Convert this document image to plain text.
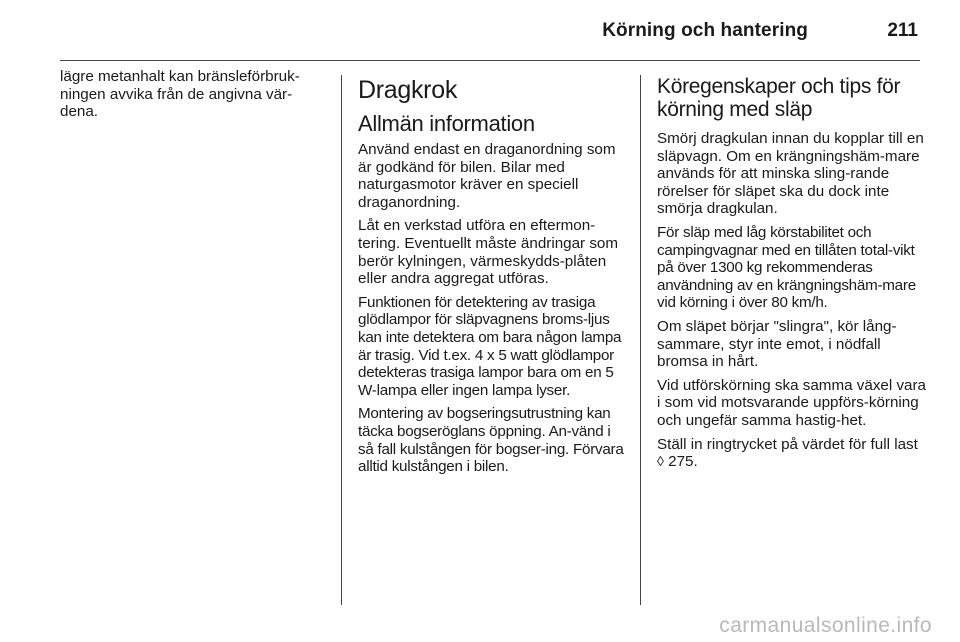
Körning och hantering	211

lägre metanhalt kan bränsleförbruk-ningen avvika från de angivna vär-dena.

Dragkrok
Allmän information

Använd endast en draganordning som är godkänd för bilen. Bilar med naturgasmotor kräver en speciell draganordning.

Låt en verkstad utföra en eftermon-tering. Eventuellt måste ändringar som berör kylningen, värmeskydds-plåten eller andra aggregat utföras.

Funktionen för detektering av trasiga glödlampor för släpvagnens broms-ljus kan inte detektera om bara någon lampa är trasig. Vid t.ex. 4 x 5 watt glödlampor detekteras trasiga lampor bara om en 5 W-lampa eller ingen lampa lyser.

Montering av bogseringsutrustning kan täcka bogseröglans öppning. An-vänd i så fall kulstången för bogser-ing. Förvara alltid kulstången i bilen.

Köregenskaper och tips för körning med släp

Smörj dragkulan innan du kopplar till en släpvagn. Om en krängningshäm-mare används för att minska sling-rande rörelser för släpet ska du dock inte smörja dragkulan.

För släp med låg körstabilitet och campingvagnar med en tillåten total-vikt på över 1300 kg rekommenderas användning av en krängningshäm-mare vid körning i över 80 km/h.

Om släpet börjar "slingra", kör lång-sammare, styr inte emot, i nödfall bromsa in hårt.

Vid utförskörning ska samma växel vara i som vid motsvarande uppförs-körning och ungefär samma hastig-het.

Ställ in ringtrycket på värdet för full last ◊ 275.

carmanualsonline.info
